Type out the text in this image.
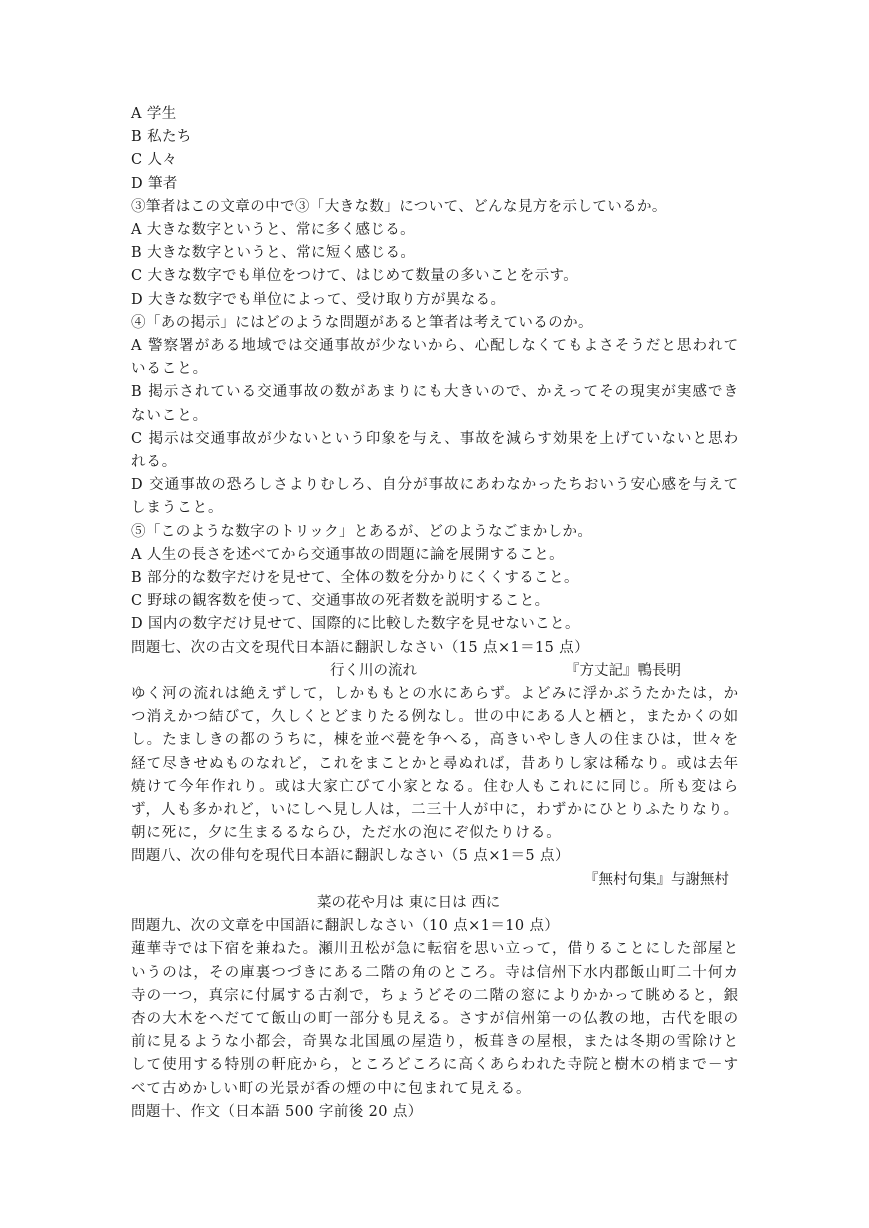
A 学生
B 私たち
C 人々
D 筆者
③筆者はこの文章の中で③「大きな数」について、どんな見方を示しているか。
A 大きな数字というと、常に多く感じる。
B 大きな数字というと、常に短く感じる。
C 大きな数字でも単位をつけて、はじめて数量の多いことを示す。
D 大きな数字でも単位によって、受け取り方が異なる。
④「あの掲示」にはどのような問題があると筆者は考えているのか。
A 警察署がある地域では交通事故が少ないから、心配しなくてもよさそうだと思われていること。
B 掲示されている交通事故の数があまりにも大きいので、かえってその現実が実感できないこと。
C 掲示は交通事故が少ないという印象を与え、事故を減らす効果を上げていないと思われる。
D 交通事故の恐ろしさよりむしろ、自分が事故にあわなかったちおいう安心感を与えてしまうこと。
⑤「このような数字のトリック」とあるが、どのようなごまかしか。
A 人生の長さを述べてから交通事故の問題に論を展開すること。
B 部分的な数字だけを見せて、全体の数を分かりにくくすること。
C 野球の観客数を使って、交通事故の死者数を説明すること。
D 国内の数字だけ見せて、国際的に比較した数字を見せないこと。
問題七、次の古文を現代日本語に翻訳しなさい（15 点×1＝15 点）
行く川の流れ	『方丈記』鴨長明
ゆく河の流れは絶えずして，しかももとの水にあらず。よどみに浮かぶうたかたは，かつ消えかつ結びて，久しくとどまりたる例なし。世の中にある人と栖と，またかくの如し。たましきの都のうちに，棟を並べ甍を争へる，高きいやしき人の住まひは，世々を経て尽きせぬものなれど，これをまことかと尋ぬれば，昔ありし家は稀なり。或は去年焼けて今年作れり。或は大家亡びて小家となる。住む人もこれにに同じ。所も変はらず，人も多かれど，いにしへ見し人は，二三十人が中に，わずかにひとりふたりなり。朝に死に，夕に生まるるならひ，ただ水の泡にぞ似たりける。
問題八、次の俳句を現代日本語に翻訳しなさい（5 点×1＝5 点）
『無村句集』与謝無村
菜の花や月は 東に日は 西に
問題九、次の文章を中国語に翻訳しなさい（10 点×1＝10 点）
蓮華寺では下宿を兼ねた。瀬川丑松が急に転宿を思い立って，借りることにした部屋というのは，その庫裏つづきにある二階の角のところ。寺は信州下水内郡飯山町二十何カ寺の一つ，真宗に付属する古刹で，ちょうどその二階の窓によりかかって眺めると，銀杏の大木をへだてて飯山の町一部分も見える。さすが信州第一の仏教の地，古代を眼の前に見るような小都会，奇異な北国風の屋造り，板葺きの屋根，または冬期の雪除けとして使用する特別の軒庇から，ところどころに高くあらわれた寺院と樹木の梢まで－すべて古めかしい町の光景が香の煙の中に包まれて見える。
問題十、作文（日本語 500 字前後 20 点）
